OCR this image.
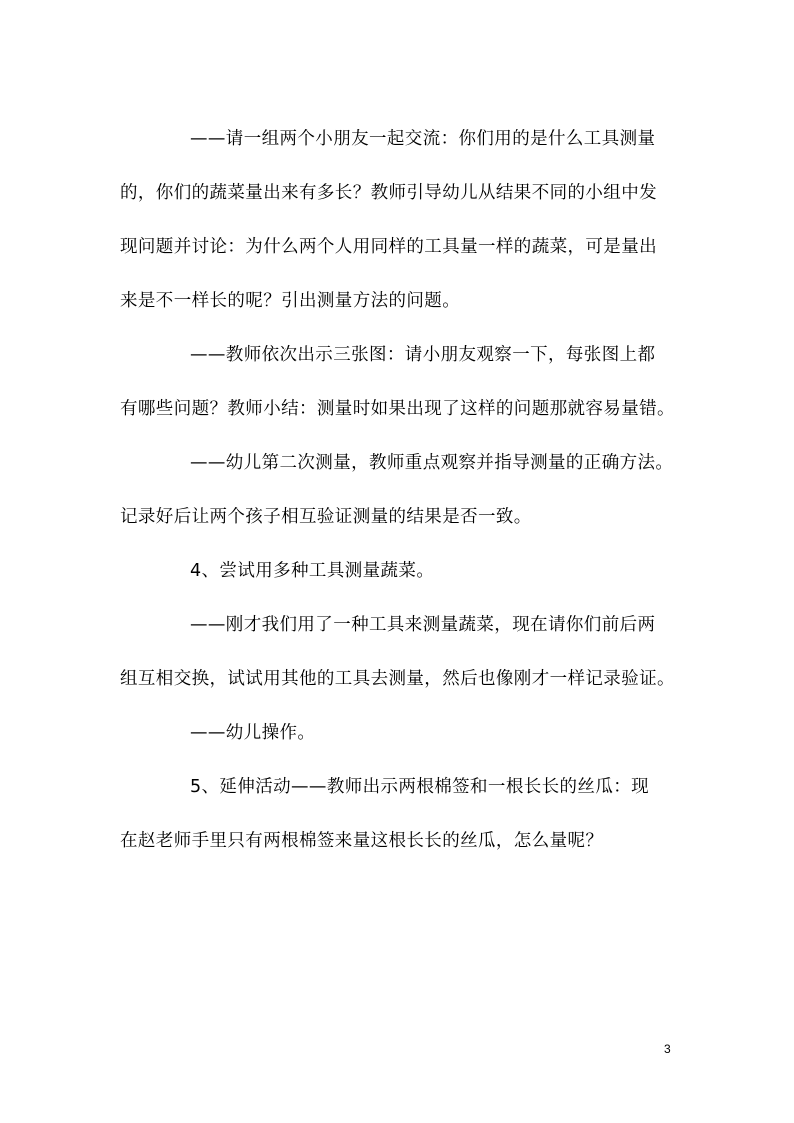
——请一组两个小朋友一起交流：你们用的是什么工具测量
的，你们的蔬菜量出来有多长？教师引导幼儿从结果不同的小组中发
现问题并讨论：为什么两个人用同样的工具量一样的蔬菜，可是量出
来是不一样长的呢？引出测量方法的问题。
——教师依次出示三张图：请小朋友观察一下，每张图上都
有哪些问题？教师小结：测量时如果出现了这样的问题那就容易量错。
——幼儿第二次测量，教师重点观察并指导测量的正确方法。
记录好后让两个孩子相互验证测量的结果是否一致。
4、尝试用多种工具测量蔬菜。
——刚才我们用了一种工具来测量蔬菜，现在请你们前后两
组互相交换，试试用其他的工具去测量，然后也像刚才一样记录验证。
——幼儿操作。
5、延伸活动——教师出示两根棉签和一根长长的丝瓜：现
在赵老师手里只有两根棉签来量这根长长的丝瓜，怎么量呢？
3
